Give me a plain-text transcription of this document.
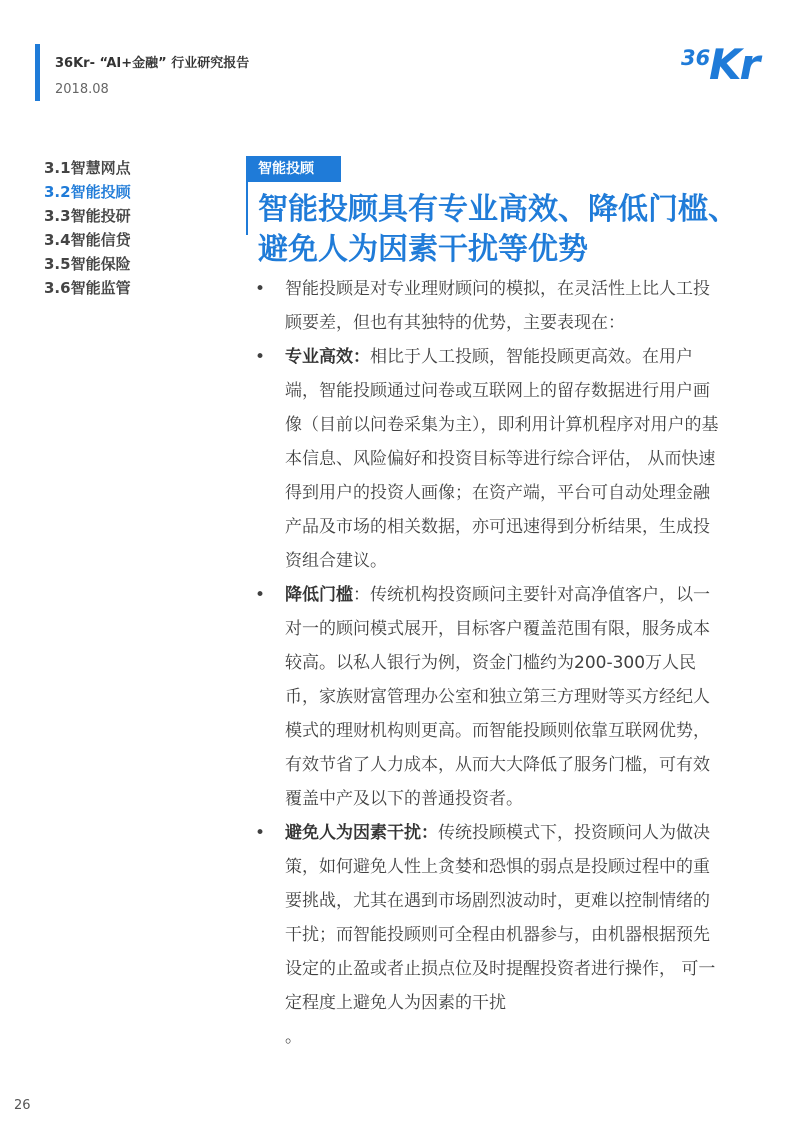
36Kr- “AI+金融” 行业研究报告
2018.08
36
Kr
3.1智慧网点
3.2智能投顾
3.3智能投研
3.4智能信贷
3.5智能保险
3.6智能监管
智能投顾
智能投顾具有专业高效、降低门槛、避免人为因素干扰等优势
• 智能投顾是对专业理财顾问的模拟，在灵活性上比人工投顾要差，但也有其独特的优势，主要表现在：
• 专业高效：相比于人工投顾，智能投顾更高效。在用户端，智能投顾通过问卷或互联网上的留存数据进行用户画像（目前以问卷采集为主），即利用计算机程序对用户的基本信息、风险偏好和投资目标等进行综合评估， 从而快速得到用户的投资人画像；在资产端，平台可自动处理金融产品及市场的相关数据，亦可迅速得到分析结果，生成投资组合建议。
• 降低门槛：传统机构投资顾问主要针对高净值客户，以一对一的顾问模式展开，目标客户覆盖范围有限，服务成本较高。以私人银行为例，资金门槛约为200-300万人民币，家族财富管理办公室和独立第三方理财等买方经纪人模式的理财机构则更高。而智能投顾则依靠互联网优势，有效节省了人力成本，从而大大降低了服务门槛，可有效覆盖中产及以下的普通投资者。
• 避免人为因素干扰：传统投顾模式下，投资顾问人为做决策，如何避免人性上贪婪和恐惧的弱点是投顾过程中的重要挑战，尤其在遇到市场剧烈波动时，更难以控制情绪的干扰；而智能投顾则可全程由机器参与，由机器根据预先设定的止盈或者止损点位及时提醒投资者进行操作， 可一定程度上避免人为因素的干扰
。
26
